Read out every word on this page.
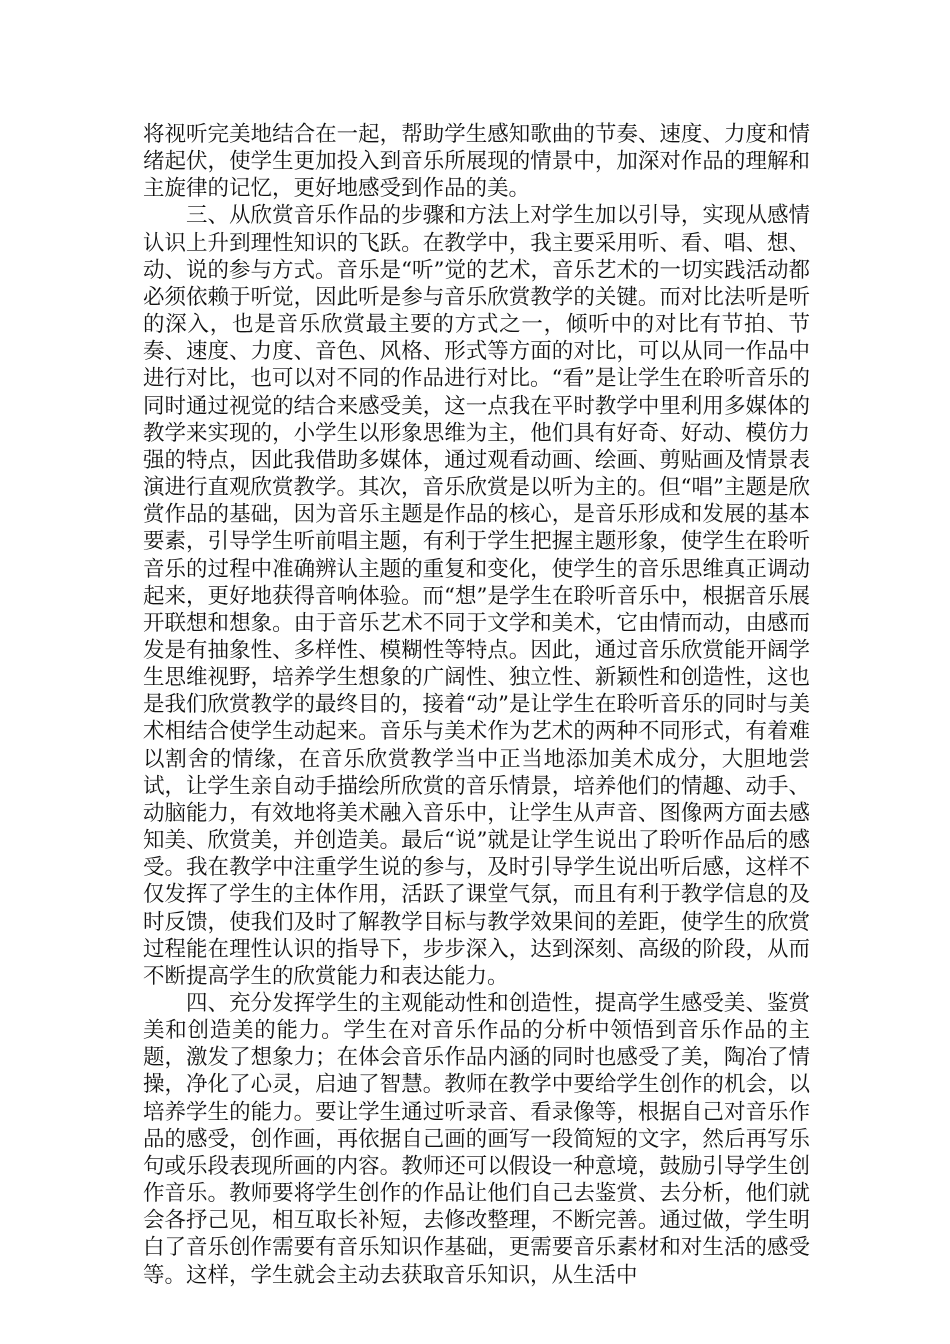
将视听完美地结合在一起，帮助学生感知歌曲的节奏、速度、力度和情绪起伏，使学生更加投入到音乐所展现的情景中，加深对作品的理解和主旋律的记忆，更好地感受到作品的美。

三、从欣赏音乐作品的步骤和方法上对学生加以引导，实现从感情认识上升到理性知识的飞跃。在教学中，我主要采用听、看、唱、想、动、说的参与方式。音乐是“听”觉的艺术，音乐艺术的一切实践活动都必须依赖于听觉，因此听是参与音乐欣赏教学的关键。而对比法听是听的深入，也是音乐欣赏最主要的方式之一，倾听中的对比有节拍、节奏、速度、力度、音色、风格、形式等方面的对比，可以从同一作品中进行对比，也可以对不同的作品进行对比。“看”是让学生在聆听音乐的同时通过视觉的结合来感受美，这一点我在平时教学中里利用多媒体的教学来实现的，小学生以形象思维为主，他们具有好奇、好动、模仿力强的特点，因此我借助多媒体，通过观看动画、绘画、剪贴画及情景表演进行直观欣赏教学。其次，音乐欣赏是以听为主的。但“唱”主题是欣赏作品的基础，因为音乐主题是作品的核心，是音乐形成和发展的基本要素，引导学生听前唱主题，有利于学生把握主题形象，使学生在聆听音乐的过程中准确辨认主题的重复和变化，使学生的音乐思维真正调动起来，更好地获得音响体验。而“想”是学生在聆听音乐中，根据音乐展开联想和想象。由于音乐艺术不同于文学和美术，它由情而动，由感而发是有抽象性、多样性、模糊性等特点。因此，通过音乐欣赏能开阔学生思维视野，培养学生想象的广阔性、独立性、新颖性和创造性，这也是我们欣赏教学的最终目的，接着“动”是让学生在聆听音乐的同时与美术相结合使学生动起来。音乐与美术作为艺术的两种不同形式，有着难以割舍的情缘，在音乐欣赏教学当中正当地添加美术成分，大胆地尝试，让学生亲自动手描绘所欣赏的音乐情景，培养他们的情趣、动手、动脑能力，有效地将美术融入音乐中，让学生从声音、图像两方面去感知美、欣赏美，并创造美。最后“说”就是让学生说出了聆听作品后的感受。我在教学中注重学生说的参与，及时引导学生说出听后感，这样不仅发挥了学生的主体作用，活跃了课堂气氛，而且有利于教学信息的及时反馈，使我们及时了解教学目标与教学效果间的差距，使学生的欣赏过程能在理性认识的指导下，步步深入，达到深刻、高级的阶段，从而不断提高学生的欣赏能力和表达能力。

四、充分发挥学生的主观能动性和创造性，提高学生感受美、鉴赏美和创造美的能力。学生在对音乐作品的分析中领悟到音乐作品的主题，激发了想象力；在体会音乐作品内涵的同时也感受了美，陶冶了情操，净化了心灵，启迪了智慧。教师在教学中要给学生创作的机会，以培养学生的能力。要让学生通过听录音、看录像等，根据自己对音乐作品的感受，创作画，再依据自己画的画写一段简短的文字，然后再写乐句或乐段表现所画的内容。教师还可以假设一种意境，鼓励引导学生创作音乐。教师要将学生创作的作品让他们自己去鉴赏、去分析，他们就会各抒己见，相互取长补短，去修改整理，不断完善。通过做，学生明白了音乐创作需要有音乐知识作基础，更需要音乐素材和对生活的感受等。这样，学生就会主动去获取音乐知识，从生活中
